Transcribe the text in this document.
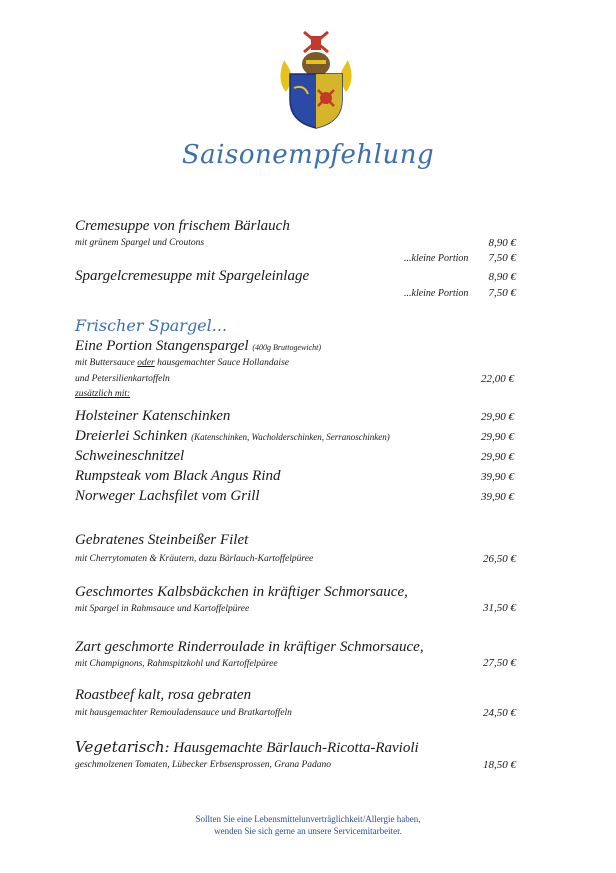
Saisonempfehlung
Cremesuppe von frischem Bärlauch
mit grünem Spargel und Croutons	8,90 €
...kleine Portion	7,50 €
Spargelcremesuppe mit Spargeleinlage	8,90 €
...kleine Portion	7,50 €
Frischer Spargel...
Eine Portion Stangenspargel (400g Bruttogewicht)
mit Buttersauce oder hausgemachter Sauce Hollandaise
und Petersilienkartoffeln	22,00 €
zusätzlich mit:
Holsteiner Katenschinken	29,90 €
Dreierlei Schinken (Katenschinken, Wacholderschinken, Serranoschinken)	29,90 €
Schweineschnitzel	29,90 €
Rumpsteak vom Black Angus Rind	39,90 €
Norweger Lachsfilet vom Grill	39,90 €
Gebratenes Steinbeißer Filet
mit Cherrytomaten & Kräutern, dazu Bärlauch-Kartoffelpüree	26,50 €
Geschmortes Kalbsbäckchen in kräftiger Schmorsauce,
mit Spargel in Rahmsauce und Kartoffelpüree	31,50 €
Zart geschmorte Rinderroulade in kräftiger Schmorsauce,
mit Champignons, Rahmspitzkohl und Kartoffelpüree	27,50 €
Roastbeef kalt, rosa gebraten
mit hausgemachter Remouladensauce und Bratkartoffeln	24,50 €
Vegetarisch: Hausgemachte Bärlauch-Ricotta-Ravioli
geschmolzenen Tomaten, Lübecker Erbsensprossen, Grana Padano	18,50 €
Sollten Sie eine Lebensmittelunverträglichkeit/Allergie haben,
wenden Sie sich gerne an unsere Servicemitarbeiter.
